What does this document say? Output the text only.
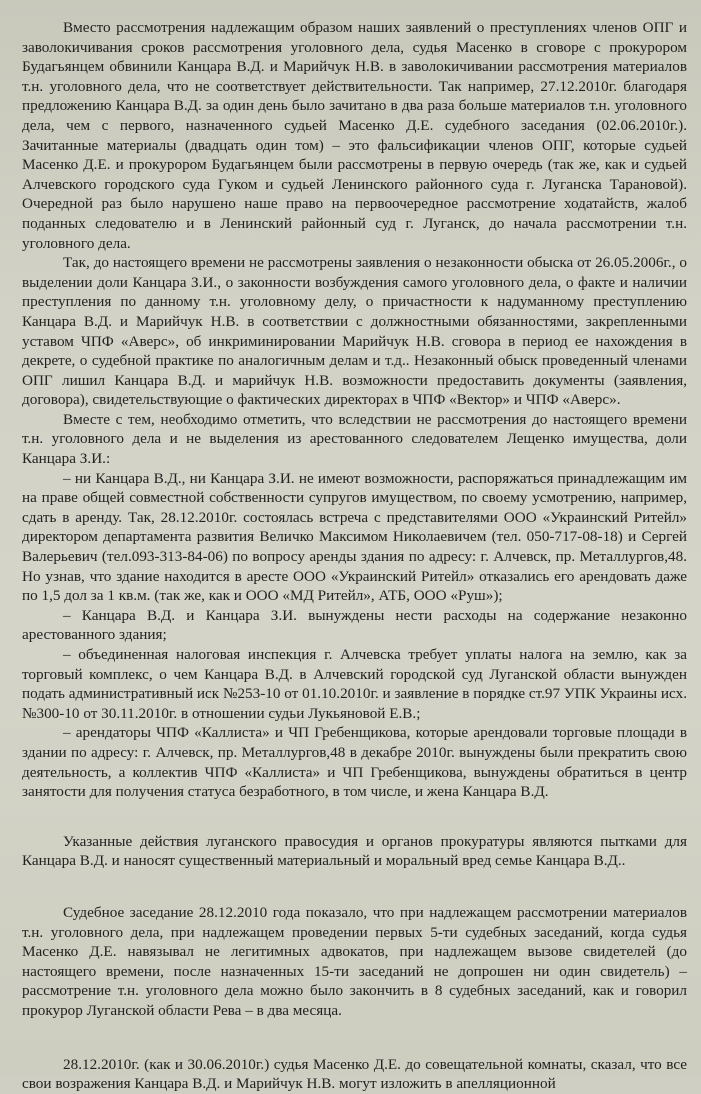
Вместо рассмотрения надлежащим образом наших заявлений о преступлениях членов ОПГ и заволокичивания сроков рассмотрения уголовного дела, судья Масенко в сговоре с прокурором Будагьянцем обвинили Канцара В.Д. и Марийчук Н.В. в заволокичивании рассмотрения материалов т.н. уголовного дела, что не соответствует действительности. Так например, 27.12.2010г. благодаря предложению Канцара В.Д. за один день было зачитано в два раза больше материалов т.н. уголовного дела, чем с первого, назначенного судьей Масенко Д.Е. судебного заседания (02.06.2010г.). Зачитанные материалы (двадцать один том) – это фальсификации членов ОПГ, которые судьей Масенко Д.Е. и прокурором Будагьянцем были рассмотрены в первую очередь (так же, как и судьей Алчевского городского суда Гуком и судьей Ленинского районного суда г. Луганска Тарановой). Очередной раз было нарушено наше право на первоочередное рассмотрение ходатайств, жалоб поданных следователю и в Ленинский районный суд г. Луганск, до начала рассмотрении т.н. уголовного дела.

Так, до настоящего времени не рассмотрены заявления о незаконности обыска от 26.05.2006г., о выделении доли Канцара З.И., о законности возбуждения самого уголовного дела, о факте и наличии преступления по данному т.н. уголовному делу, о причастности к надуманному преступлению Канцара В.Д. и Марийчук Н.В. в соответствии с должностными обязанностями, закрепленными уставом ЧПФ «Аверс», об инкриминировании Марийчук Н.В. сговора в период ее нахождения в декрете, о судебной практике по аналогичным делам и т.д.. Незаконный обыск проведенный членами ОПГ лишил Канцара В.Д. и марийчук Н.В. возможности предоставить документы (заявления, договора), свидетельствующие о фактических директорах в ЧПФ «Вектор» и ЧПФ «Аверс».

Вместе с тем, необходимо отметить, что вследствии не рассмотрения до настоящего времени т.н. уголовного дела и не выделения из арестованного следователем Лещенко имущества, доли Канцара З.И.:

– ни Канцара В.Д., ни Канцара З.И. не имеют возможности, распоряжаться принадлежащим им на праве общей совместной собственности супругов имуществом, по своему усмотрению, например, сдать в аренду. Так, 28.12.2010г. состоялась встреча с представителями ООО «Украинский Ритейл» директором департамента развития Величко Максимом Николаевичем (тел. 050-717-08-18) и Сергей Валерьевич (тел.093-313-84-06) по вопросу аренды здания по адресу: г. Алчевск, пр. Металлургов,48. Но узнав, что здание находится в аресте ООО «Украинский Ритейл» отказались его арендовать даже по 1,5 дол за 1 кв.м. (так же, как и ООО «МД Ритейл», АТБ, ООО «Руш»);

– Канцара В.Д. и Канцара З.И. вынуждены нести расходы на содержание незаконно арестованного здания;

– объединенная налоговая инспекция г. Алчевска требует уплаты налога на землю, как за торговый комплекс, о чем Канцара В.Д. в Алчевский городской суд Луганской области вынужден подать административный иск №253-10 от 01.10.2010г. и заявление в порядке ст.97 УПК Украины исх. №300-10 от 30.11.2010г. в отношении судьи Лукьяновой Е.В.;

– арендаторы ЧПФ «Каллиста» и ЧП Гребенщикова, которые арендовали торговые площади в здании по адресу: г. Алчевск, пр. Металлургов,48 в декабре 2010г. вынуждены были прекратить свою деятельность, а коллектив ЧПФ «Каллиста» и ЧП Гребенщикова, вынуждены обратиться в центр занятости для получения статуса безработного, в том числе, и жена Канцара В.Д.

Указанные действия луганского правосудия и органов прокуратуры являются пытками для Канцара В.Д. и наносят существенный материальный и моральный вред семье Канцара В.Д..

Судебное заседание 28.12.2010 года показало, что при надлежащем рассмотрении материалов т.н. уголовного дела, при надлежащем проведении первых 5-ти судебных заседаний, когда судья Масенко Д.Е. навязывал не легитимных адвокатов, при надлежащем вызове свидетелей (до настоящего времени, после назначенных 15-ти заседаний не допрошен ни один свидетель) – рассмотрение т.н. уголовного дела можно было закончить в 8 судебных заседаний, как и говорил прокурор Луганской области Рева – в два месяца.

28.12.2010г. (как и 30.06.2010г.) судья Масенко Д.Е. до совещательной комнаты, сказал, что все свои возражения Канцара В.Д. и Марийчук Н.В. могут изложить в апелляционной
